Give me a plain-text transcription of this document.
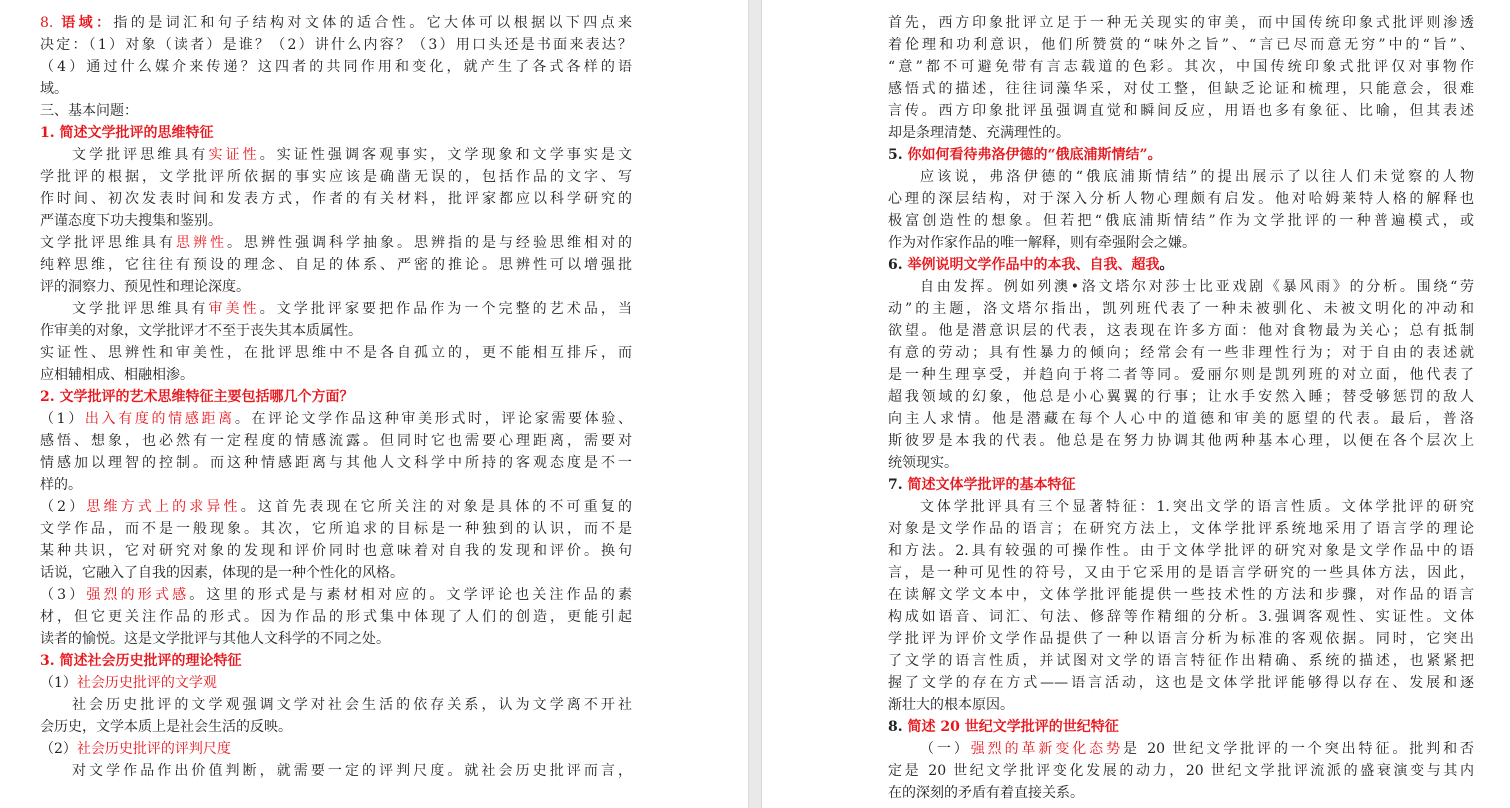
8. 语域：指的是词汇和句子结构对文体的适合性。它大体可以根据以下四点来
决定：（1）对象（读者）是谁？（2）讲什么内容？（3）用口头还是书面来表达？
（4）通过什么媒介来传递？这四者的共同作用和变化，就产生了各式各样的语
域。
三、基本问题：
1. 简述文学批评的思维特征
文学批评思维具有实证性。实证性强调客观事实，文学现象和文学事实是文
学批评的根据，文学批评所依据的事实应该是确凿无误的，包括作品的文字、写
作时间、初次发表时间和发表方式，作者的有关材料，批评家都应以科学研究的
严谨态度下功夫搜集和鉴别。
文学批评思维具有思辨性。思辨性强调科学抽象。思辨指的是与经验思维相对的
纯粹思维，它往往有预设的理念、自足的体系、严密的推论。思辨性可以增强批
评的洞察力、预见性和理论深度。
文学批评思维具有审美性。文学批评家要把作品作为一个完整的艺术品，当
作审美的对象，文学批评才不至于丧失其本质属性。
实证性、思辨性和审美性，在批评思维中不是各自孤立的，更不能相互排斥，而
应相辅相成、相融相渗。
2. 文学批评的艺术思维特征主要包括哪几个方面？
（1）出入有度的情感距离。在评论文学作品这种审美形式时，评论家需要体验、
感悟、想象，也必然有一定程度的情感流露。但同时它也需要心理距离，需要对
情感加以理智的控制。而这种情感距离与其他人文科学中所持的客观态度是不一
样的。
（2）思维方式上的求异性。这首先表现在它所关注的对象是具体的不可重复的
文学作品，而不是一般现象。其次，它所追求的目标是一种独到的认识，而不是
某种共识，它对研究对象的发现和评价同时也意味着对自我的发现和评价。换句
话说，它融入了自我的因素，体现的是一种个性化的风格。
（3）强烈的形式感。这里的形式是与素材相对应的。文学评论也关注作品的素
材，但它更关注作品的形式。因为作品的形式集中体现了人们的创造，更能引起
读者的愉悦。这是文学批评与其他人文科学的不同之处。
3. 简述社会历史批评的理论特征
（1）社会历史批评的文学观
社会历史批评的文学观强调文学对社会生活的依存关系，认为文学离不开社
会历史，文学本质上是社会生活的反映。
（2）社会历史批评的评判尺度
对文学作品作出价值判断，就需要一定的评判尺度。就社会历史批评而言，
首先，西方印象批评立足于一种无关现实的审美，而中国传统印象式批评则渗透
着伦理和功利意识，他们所赞赏的“味外之旨”、“言已尽而意无穷”中的“旨”、
“意”都不可避免带有言志载道的色彩。其次，中国传统印象式批评仅对事物作
感悟式的描述，往往词藻华采，对仗工整，但缺乏论证和梳理，只能意会，很难
言传。西方印象批评虽强调直觉和瞬间反应，用语也多有象征、比喻，但其表述
却是条理清楚、充满理性的。
5. 你如何看待弗洛伊德的“俄底浦斯情结”。
应该说，弗洛伊德的“俄底浦斯情结”的提出展示了以往人们未觉察的人物
心理的深层结构，对于深入分析人物心理颇有启发。他对哈姆莱特人格的解释也
极富创造性的想象。但若把“俄底浦斯情结”作为文学批评的一种普遍模式，或
作为对作家作品的唯一解释，则有牵强附会之嫌。
6. 举例说明文学作品中的本我、自我、超我。
自由发挥。例如列澳•洛文塔尔对莎士比亚戏剧《暴风雨》的分析。围绕“劳
动”的主题，洛文塔尔指出，凯列班代表了一种未被驯化、未被文明化的冲动和
欲望。他是潜意识层的代表，这表现在许多方面：他对食物最为关心；总有抵制
有意的劳动；具有性暴力的倾向；经常会有一些非理性行为；对于自由的表述就
是一种生理享受，并趋向于将二者等同。爱丽尔则是凯列班的对立面，他代表了
超我领域的幻象，他总是小心翼翼的行事；让水手安然入睡；替受够惩罚的敌人
向主人求情。他是潜藏在每个人心中的道德和审美的愿望的代表。最后，普洛
斯彼罗是本我的代表。他总是在努力协调其他两种基本心理，以便在各个层次上
统领现实。
7. 简述文体学批评的基本特征
文体学批评具有三个显著特征：1.突出文学的语言性质。文体学批评的研究
对象是文学作品的语言；在研究方法上，文体学批评系统地采用了语言学的理论
和方法。2.具有较强的可操作性。由于文体学批评的研究对象是文学作品中的语
言，是一种可见性的符号，又由于它采用的是语言学研究的一些具体方法，因此，
在读解文学文本中，文体学批评能提供一些技术性的方法和步骤，对作品的语言
构成如语音、词汇、句法、修辞等作精细的分析。3.强调客观性、实证性。文体
学批评为评价文学作品提供了一种以语言分析为标准的客观依据。同时，它突出
了文学的语言性质，并试图对文学的语言特征作出精确、系统的描述，也紧紧把
握了文学的存在方式——语言活动，这也是文体学批评能够得以存在、发展和逐
渐壮大的根本原因。
8. 简述 20 世纪文学批评的世纪特征
（一）强烈的革新变化态势是 20 世纪文学批评的一个突出特征。批判和否
定是 20 世纪文学批评变化发展的动力，20 世纪文学批评流派的盛衰演变与其内
在的深刻的矛盾有着直接关系。
